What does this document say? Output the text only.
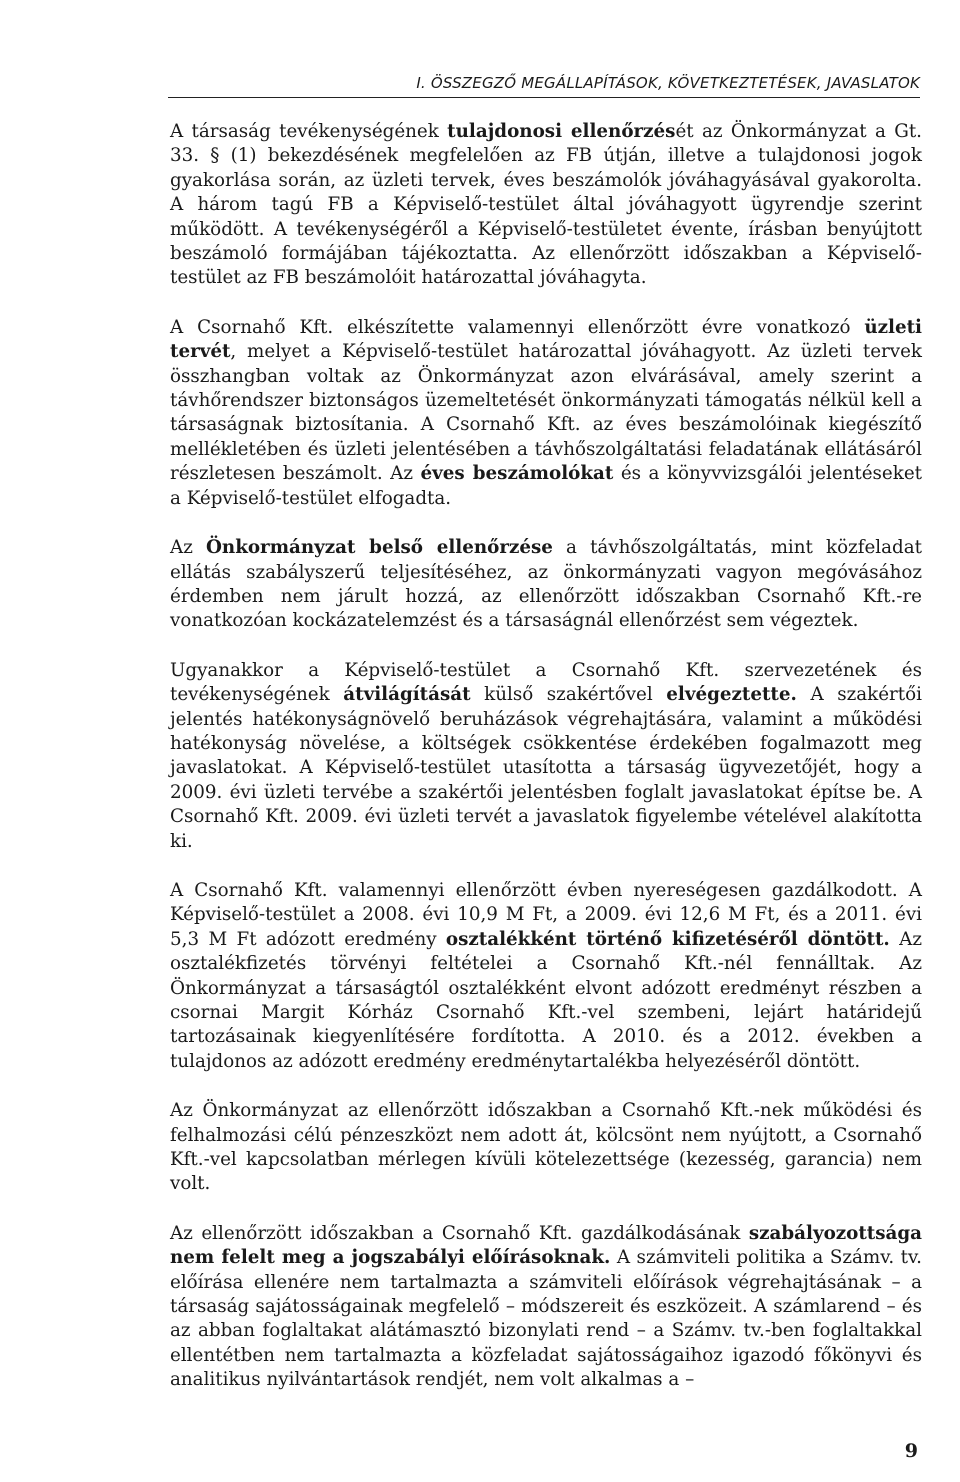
I. ÖSSZEGZŐ MEGÁLLAPÍTÁSOK, KÖVETKEZTETÉSEK, JAVASLATOK

A társaság tevékenységének tulajdonosi ellenőrzését az Önkormányzat a Gt. 33. § (1) bekezdésének megfelelően az FB útján, illetve a tulajdonosi jogok gyakorlása során, az üzleti tervek, éves beszámolók jóváhagyásával gyakorolta. A három tagú FB a Képviselő-testület által jóváhagyott ügyrendje szerint működött. A tevékenységéről a Képviselő-testületet évente, írásban benyújtott beszámoló formájában tájékoztatta. Az ellenőrzött időszakban a Képviselő-testület az FB beszámolóit határozattal jóváhagyta.

A Csornahő Kft. elkészítette valamennyi ellenőrzött évre vonatkozó üzleti tervét, melyet a Képviselő-testület határozattal jóváhagyott. Az üzleti tervek összhangban voltak az Önkormányzat azon elvárásával, amely szerint a távhőrendszer biztonságos üzemeltetését önkormányzati támogatás nélkül kell a társaságnak biztosítania. A Csornahő Kft. az éves beszámolóinak kiegészítő mellékletében és üzleti jelentésében a távhőszolgáltatási feladatának ellátásáról részletesen beszámolt. Az éves beszámolókat és a könyvvizsgálói jelentéseket a Képviselő-testület elfogadta.

Az Önkormányzat belső ellenőrzése a távhőszolgáltatás, mint közfeladat ellátás szabályszerű teljesítéséhez, az önkormányzati vagyon megóvásához érdemben nem járult hozzá, az ellenőrzött időszakban Csornahő Kft.-re vonatkozóan kockázatelemzést és a társaságnál ellenőrzést sem végeztek.

Ugyanakkor a Képviselő-testület a Csornahő Kft. szervezetének és tevékenységének átvilágítását külső szakértővel elvégeztette. A szakértői jelentés hatékonyságnövelő beruházások végrehajtására, valamint a működési hatékonyság növelése, a költségek csökkentése érdekében fogalmazott meg javaslatokat. A Képviselő-testület utasította a társaság ügyvezetőjét, hogy a 2009. évi üzleti tervébe a szakértői jelentésben foglalt javaslatokat építse be. A Csornahő Kft. 2009. évi üzleti tervét a javaslatok figyelembe vételével alakította ki.

A Csornahő Kft. valamennyi ellenőrzött évben nyereségesen gazdálkodott. A Képviselő-testület a 2008. évi 10,9 M Ft, a 2009. évi 12,6 M Ft, és a 2011. évi 5,3 M Ft adózott eredmény osztalékként történő kifizetéséről döntött. Az osztalékfizetés törvényi feltételei a Csornahő Kft.-nél fennálltak. Az Önkormányzat a társaságtól osztalékként elvont adózott eredményt részben a csornai Margit Kórház Csornahő Kft.-vel szembeni, lejárt határidejű tartozásainak kiegyenlítésére fordította. A 2010. és a 2012. években a tulajdonos az adózott eredmény eredménytartalékba helyezéséről döntött.

Az Önkormányzat az ellenőrzött időszakban a Csornahő Kft.-nek működési és felhalmozási célú pénzeszközt nem adott át, kölcsönt nem nyújtott, a Csornahő Kft.-vel kapcsolatban mérlegen kívüli kötelezettsége (kezesség, garancia) nem volt.

Az ellenőrzött időszakban a Csornahő Kft. gazdálkodásának szabályozottsága nem felelt meg a jogszabályi előírásoknak. A számviteli politika a Számv. tv. előírása ellenére nem tartalmazta a számviteli előírások végrehajtásának – a társaság sajátosságainak megfelelő – módszereit és eszközeit. A számlarend – és az abban foglaltakat alátámasztó bizonylati rend – a Számv. tv.-ben foglaltakkal ellentétben nem tartalmazta a közfeladat sajátosságaihoz igazodó főkönyvi és analitikus nyilvántartások rendjét, nem volt alkalmas a –

9
